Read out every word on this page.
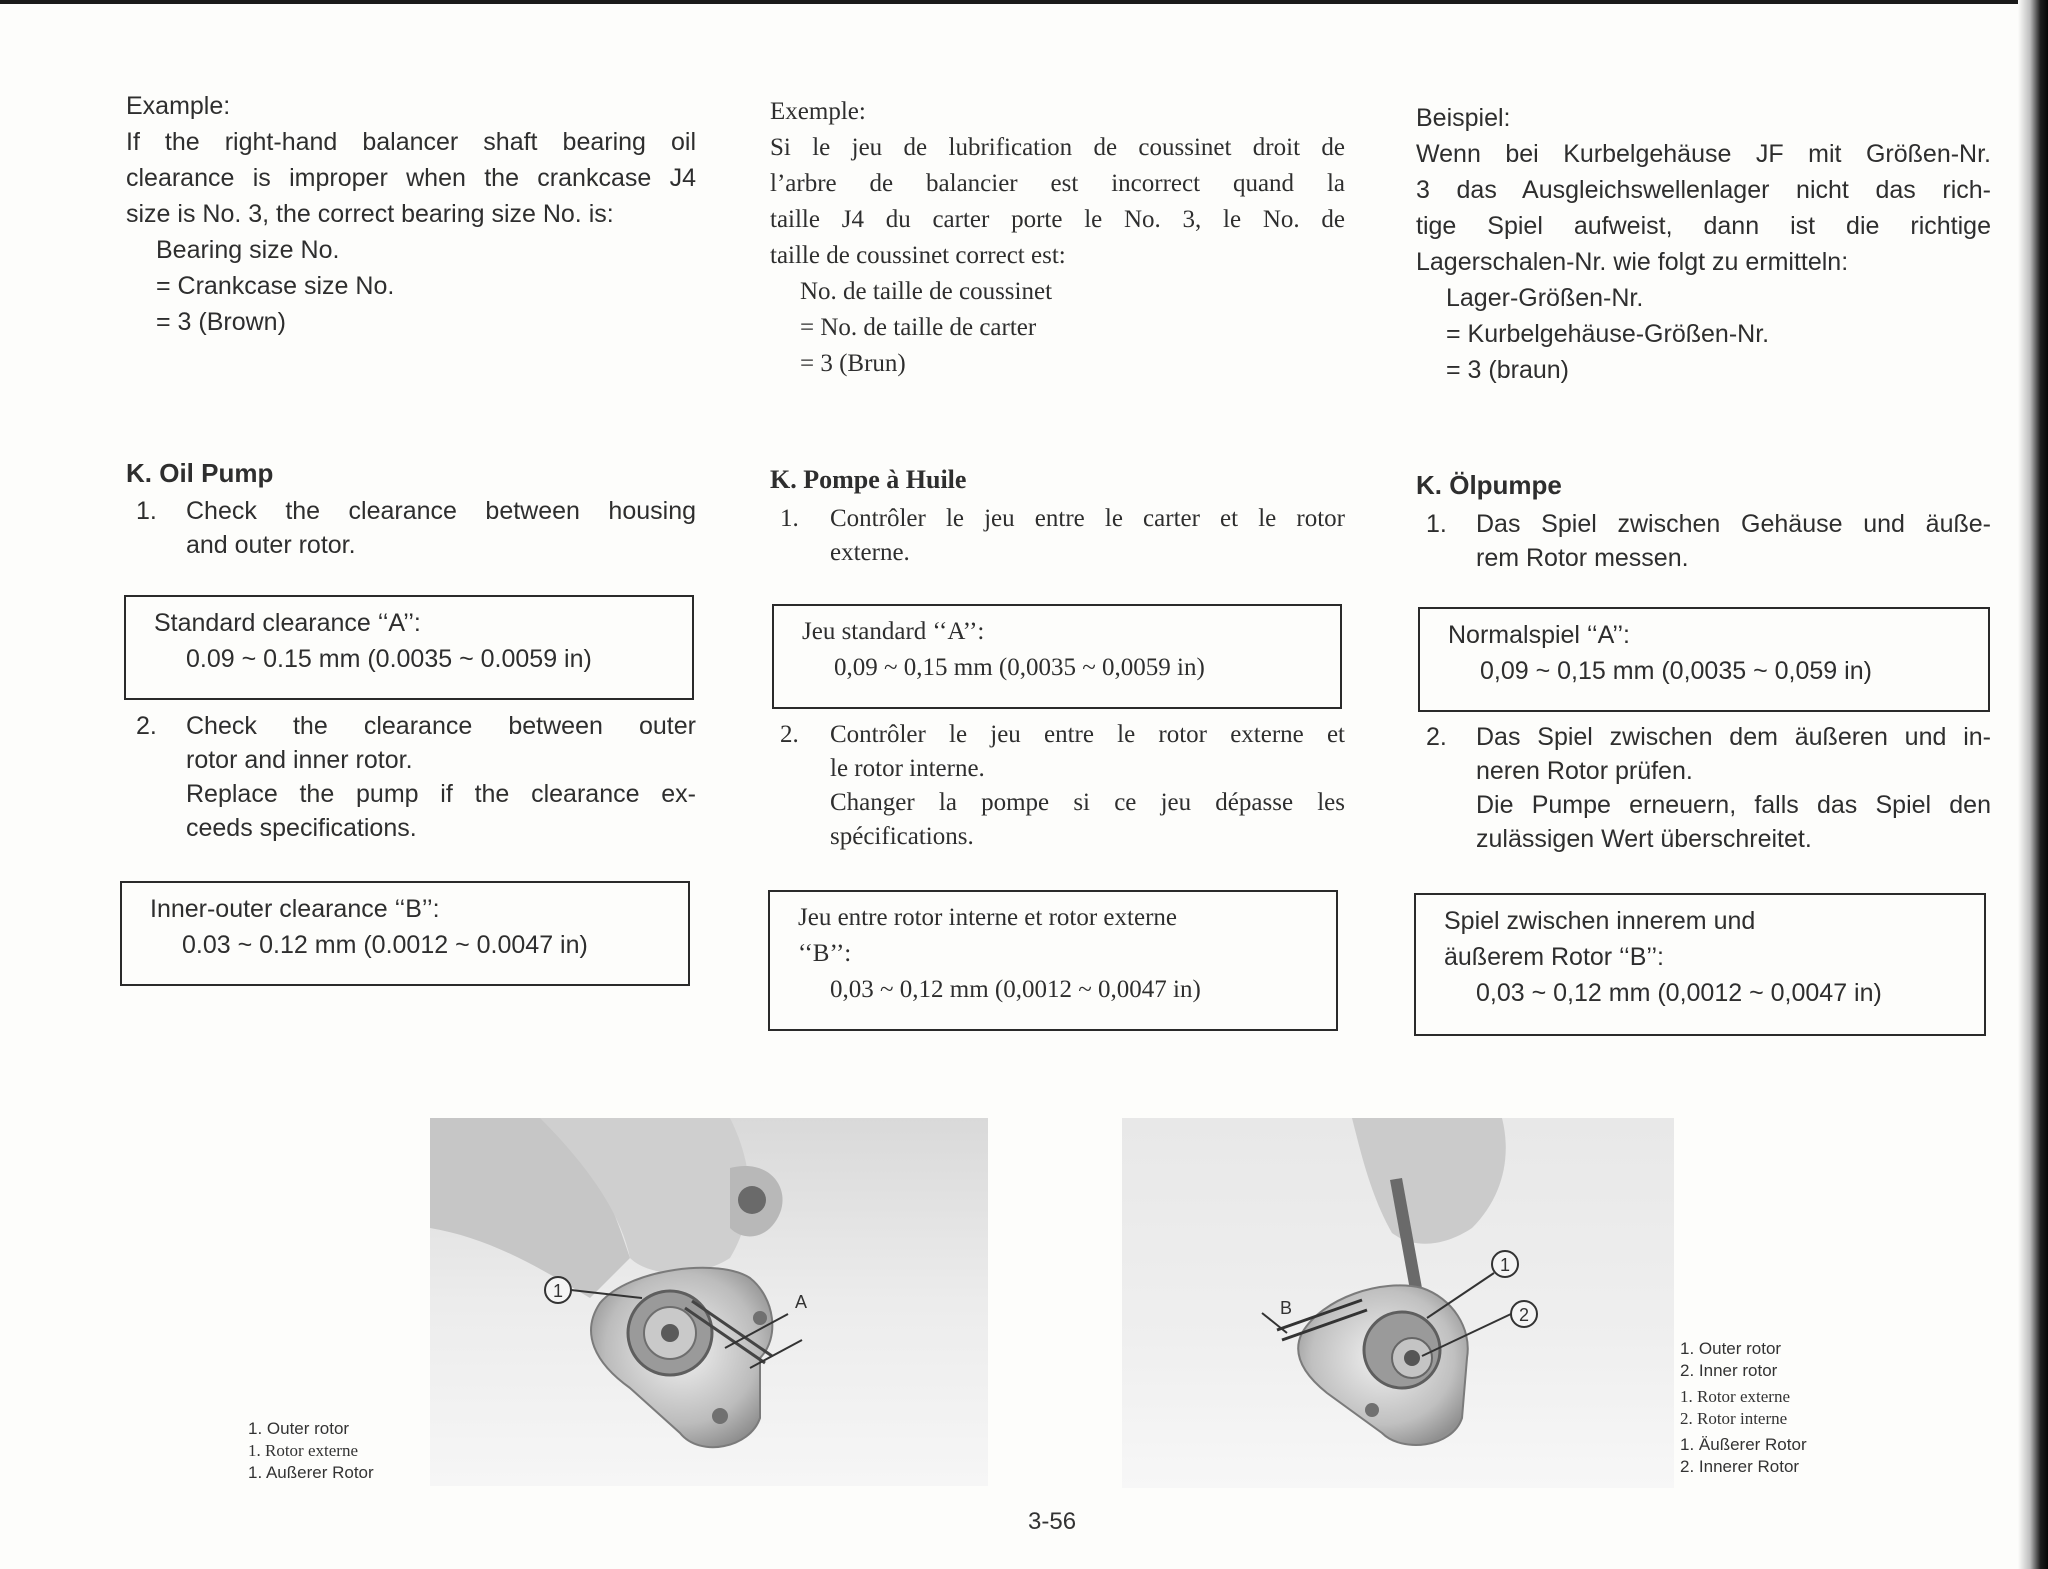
Example:
If the right-hand balancer shaft bearing oil
clearance is improper when the crankcase J4
size is No. 3, the correct bearing size No. is:
Bearing size No.
= Crankcase size No.
= 3 (Brown)
K. Oil Pump
1. Check the clearance between housing
and outer rotor.
Standard clearance ‘‘A’’:
0.09 ~ 0.15 mm (0.0035 ~ 0.0059 in)
2. Check the clearance between outer
rotor and inner rotor.
Replace the pump if the clearance ex-
ceeds specifications.
Inner-outer clearance ‘‘B’’:
0.03 ~ 0.12 mm (0.0012 ~ 0.0047 in)
Exemple:
Si le jeu de lubrification de coussinet droit de
l’arbre de balancier est incorrect quand la
taille J4 du carter porte le No. 3, le No. de
taille de coussinet correct est:
No. de taille de coussinet
= No. de taille de carter
= 3 (Brun)
K. Pompe à Huile
1. Contrôler le jeu entre le carter et le rotor
externe.
Jeu standard ‘‘A’’:
0,09 ~ 0,15 mm (0,0035 ~ 0,0059 in)
2. Contrôler le jeu entre le rotor externe et
le rotor interne.
Changer la pompe si ce jeu dépasse les
spécifications.
Jeu entre rotor interne et rotor externe
‘‘B’’:
0,03 ~ 0,12 mm (0,0012 ~ 0,0047 in)
Beispiel:
Wenn bei Kurbelgehäuse JF mit Größen-Nr.
3 das Ausgleichswellenlager nicht das rich-
tige Spiel aufweist, dann ist die richtige
Lagerschalen-Nr. wie folgt zu ermitteln:
Lager-Größen-Nr.
= Kurbelgehäuse-Größen-Nr.
= 3 (braun)
K. Ölpumpe
1. Das Spiel zwischen Gehäuse und äuße-
rem Rotor messen.
Normalspiel ‘‘A’’:
0,09 ~ 0,15 mm (0,0035 ~ 0,059 in)
2. Das Spiel zwischen dem äußeren und in-
neren Rotor prüfen.
Die Pumpe erneuern, falls das Spiel den
zulässigen Wert überschreitet.
Spiel zwischen innerem und
äußerem Rotor ‘‘B’’:
0,03 ~ 0,12 mm (0,0012 ~ 0,0047 in)
1
A
1. Outer rotor
1. Rotor externe
1. Außerer Rotor
B
1
2
1. Outer rotor
2. Inner rotor
1. Rotor externe
2. Rotor interne
1. Äußerer Rotor
2. Innerer Rotor
3-56
